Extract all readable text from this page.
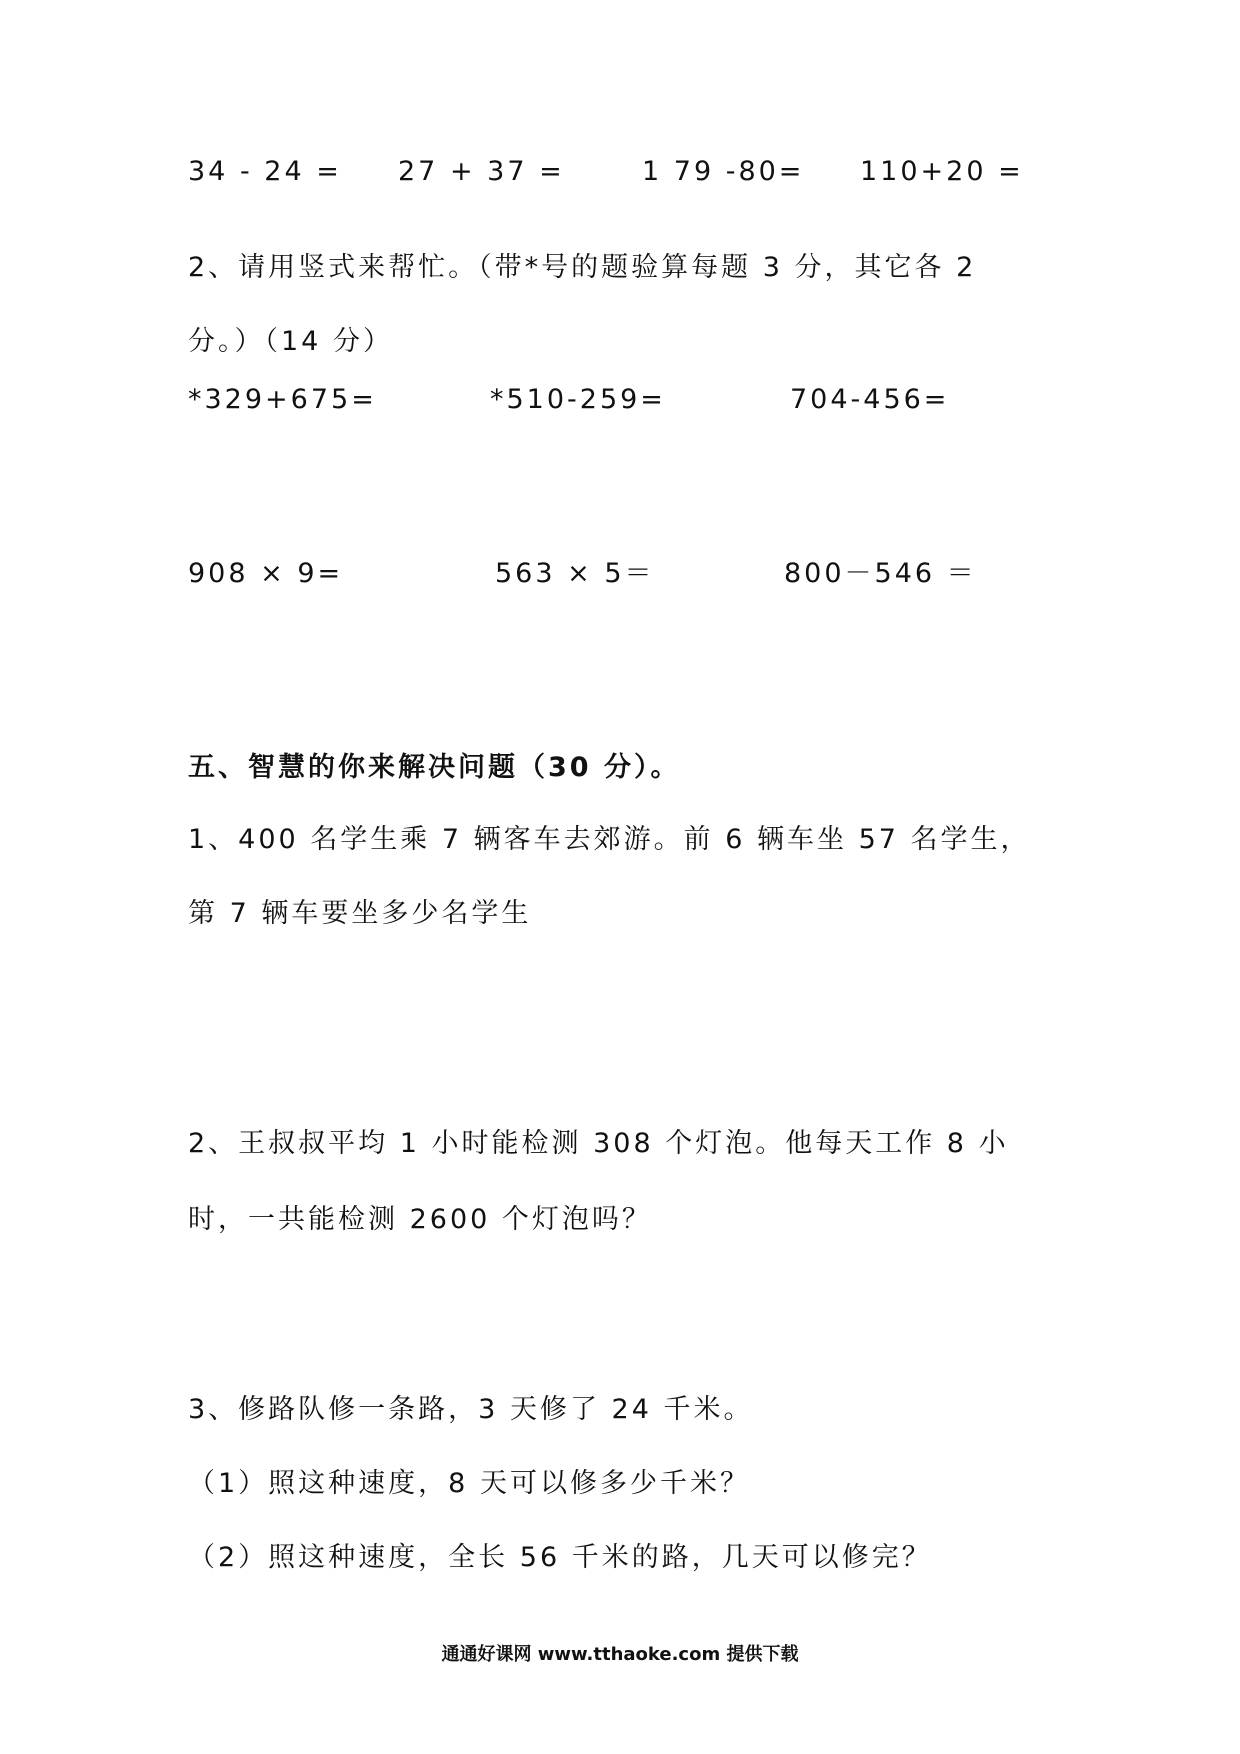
34 - 24 = 27 + 37 =	1 79 -80= 110+20 =
2、请用竖式来帮忙。（带*号的题验算每题 3 分，其它各 2
分。）（14 分）
*329+675=	*510-259=	704-456=
908 × 9=	563 × 5＝	800－546 ＝
五、智慧的你来解决问题（30 分）。
1、400 名学生乘 7 辆客车去郊游。前 6 辆车坐 57 名学生，
第 7 辆车要坐多少名学生
2、王叔叔平均 1 小时能检测 308 个灯泡。他每天工作 8 小
时，一共能检测 2600 个灯泡吗？
3、修路队修一条路，3 天修了 24 千米。
（1）照这种速度，8 天可以修多少千米？
（2）照这种速度，全长 56 千米的路，几天可以修完？
通通好课网 www.tthaoke.com 提供下载
